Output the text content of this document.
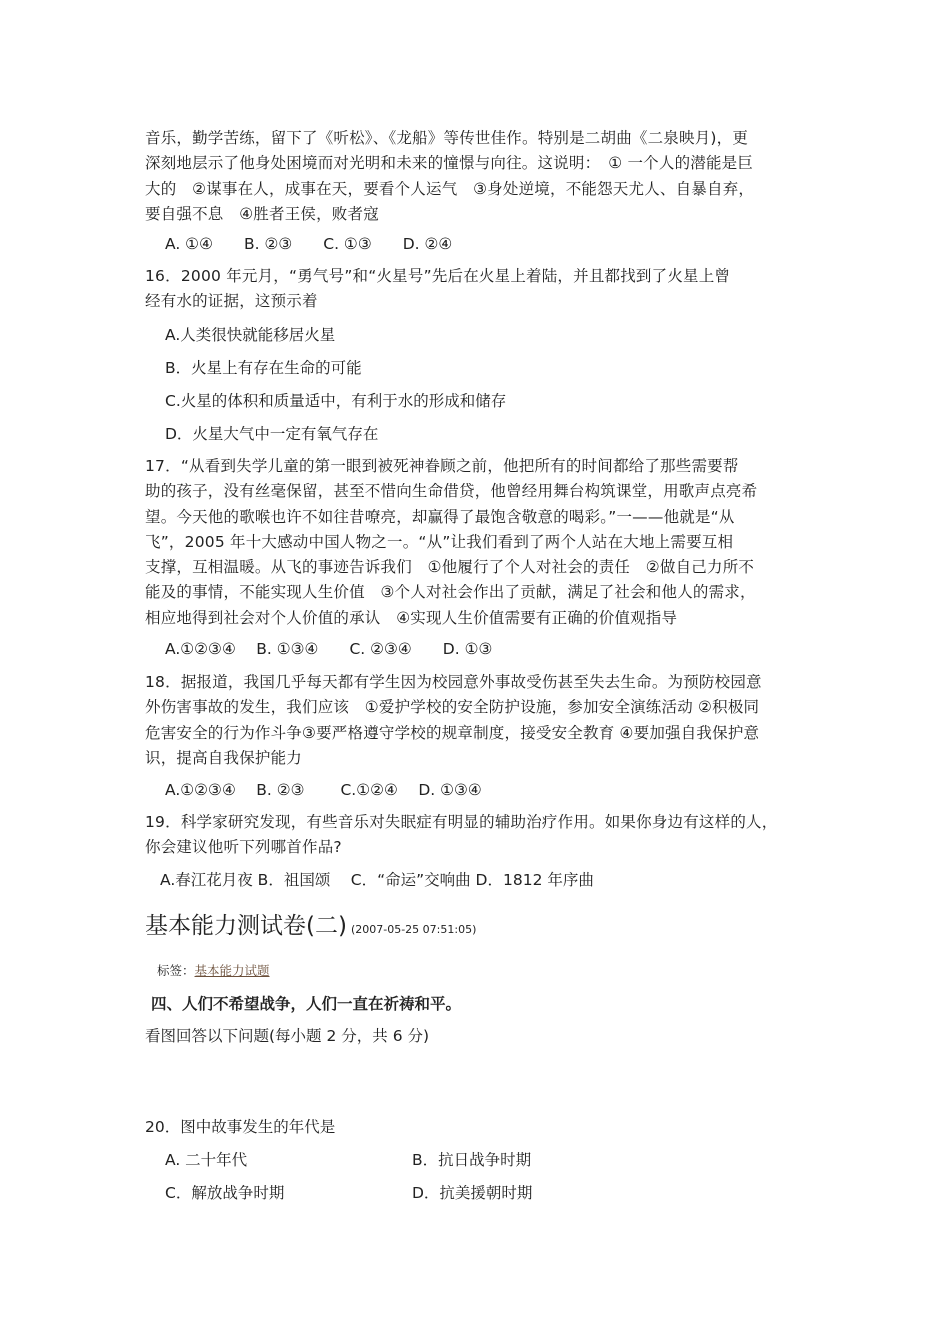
音乐，勤学苦练，留下了《听松》、《龙船》等传世佳作。特别是二胡曲《二泉映月)，更
深刻地层示了他身处困境而对光明和未来的憧憬与向往。这说明：　① 一个人的潜能是巨
大的　②谋事在人，成事在天，要看个人运气　③身处逆境，不能怨天尤人、自暴自弃，
要自强不息　④胜者王侯，败者寇
A. ①④　　B. ②③　　C. ①③　　D. ②④
16．2000 年元月，“勇气号”和“火星号”先后在火星上着陆，并且都找到了火星上曾
经有水的证据，这预示着
A.人类很快就能移居火星
B．火星上有存在生命的可能
C.火星的体积和质量适中，有利于水的形成和储存
D．火星大气中一定有氧气存在
17．“从看到失学儿童的第一眼到被死神眷顾之前，他把所有的时间都给了那些需要帮
助的孩子，没有丝毫保留，甚至不惜向生命借贷，他曾经用舞台构筑课堂，用歌声点亮希
望。今天他的歌喉也许不如往昔嘹亮，却赢得了最饱含敬意的喝彩。”一——他就是“从
飞”，2005 年十大感动中国人物之一。“从”让我们看到了两个人站在大地上需要互相
支撑，互相温暖。从飞的事迹告诉我们　①他履行了个人对社会的责任　②做自己力所不
能及的事情，不能实现人生价值　③个人对社会作出了贡献，满足了社会和他人的需求，
相应地得到社会对个人价值的承认　④实现人生价值需要有正确的价值观指导
A.①②③④　 B. ①③④　　C. ②③④　　D. ①③
18．据报道，我国几乎每天都有学生因为校园意外事故受伤甚至失去生命。为预防校园意
外伤害事故的发生，我们应该　①爱护学校的安全防护设施，参加安全演练活动 ②积极同
危害安全的行为作斗争③要严格遵守学校的规章制度，接受安全教育 ④要加强自我保护意
识，提高自我保护能力
A.①②③④　 B. ②③　　 C.①②④　 D. ①③④
19．科学家研究发现，有些音乐对失眠症有明显的辅助治疗作用。如果你身边有这样的人，
你会建议他听下列哪首作品?
A.春江花月夜 B．祖国颂　 C．“命运”交响曲 D．1812 年序曲
基本能力测试卷(二) (2007-05-25 07:51:05)
标签：基本能力试题
四、人们不希望战争，人们一直在祈祷和平。
看图回答以下问题(每小题 2 分，共 6 分)
20．图中故事发生的年代是
A. 二十年代	B．抗日战争时期
C．解放战争时期	D．抗美援朝时期
